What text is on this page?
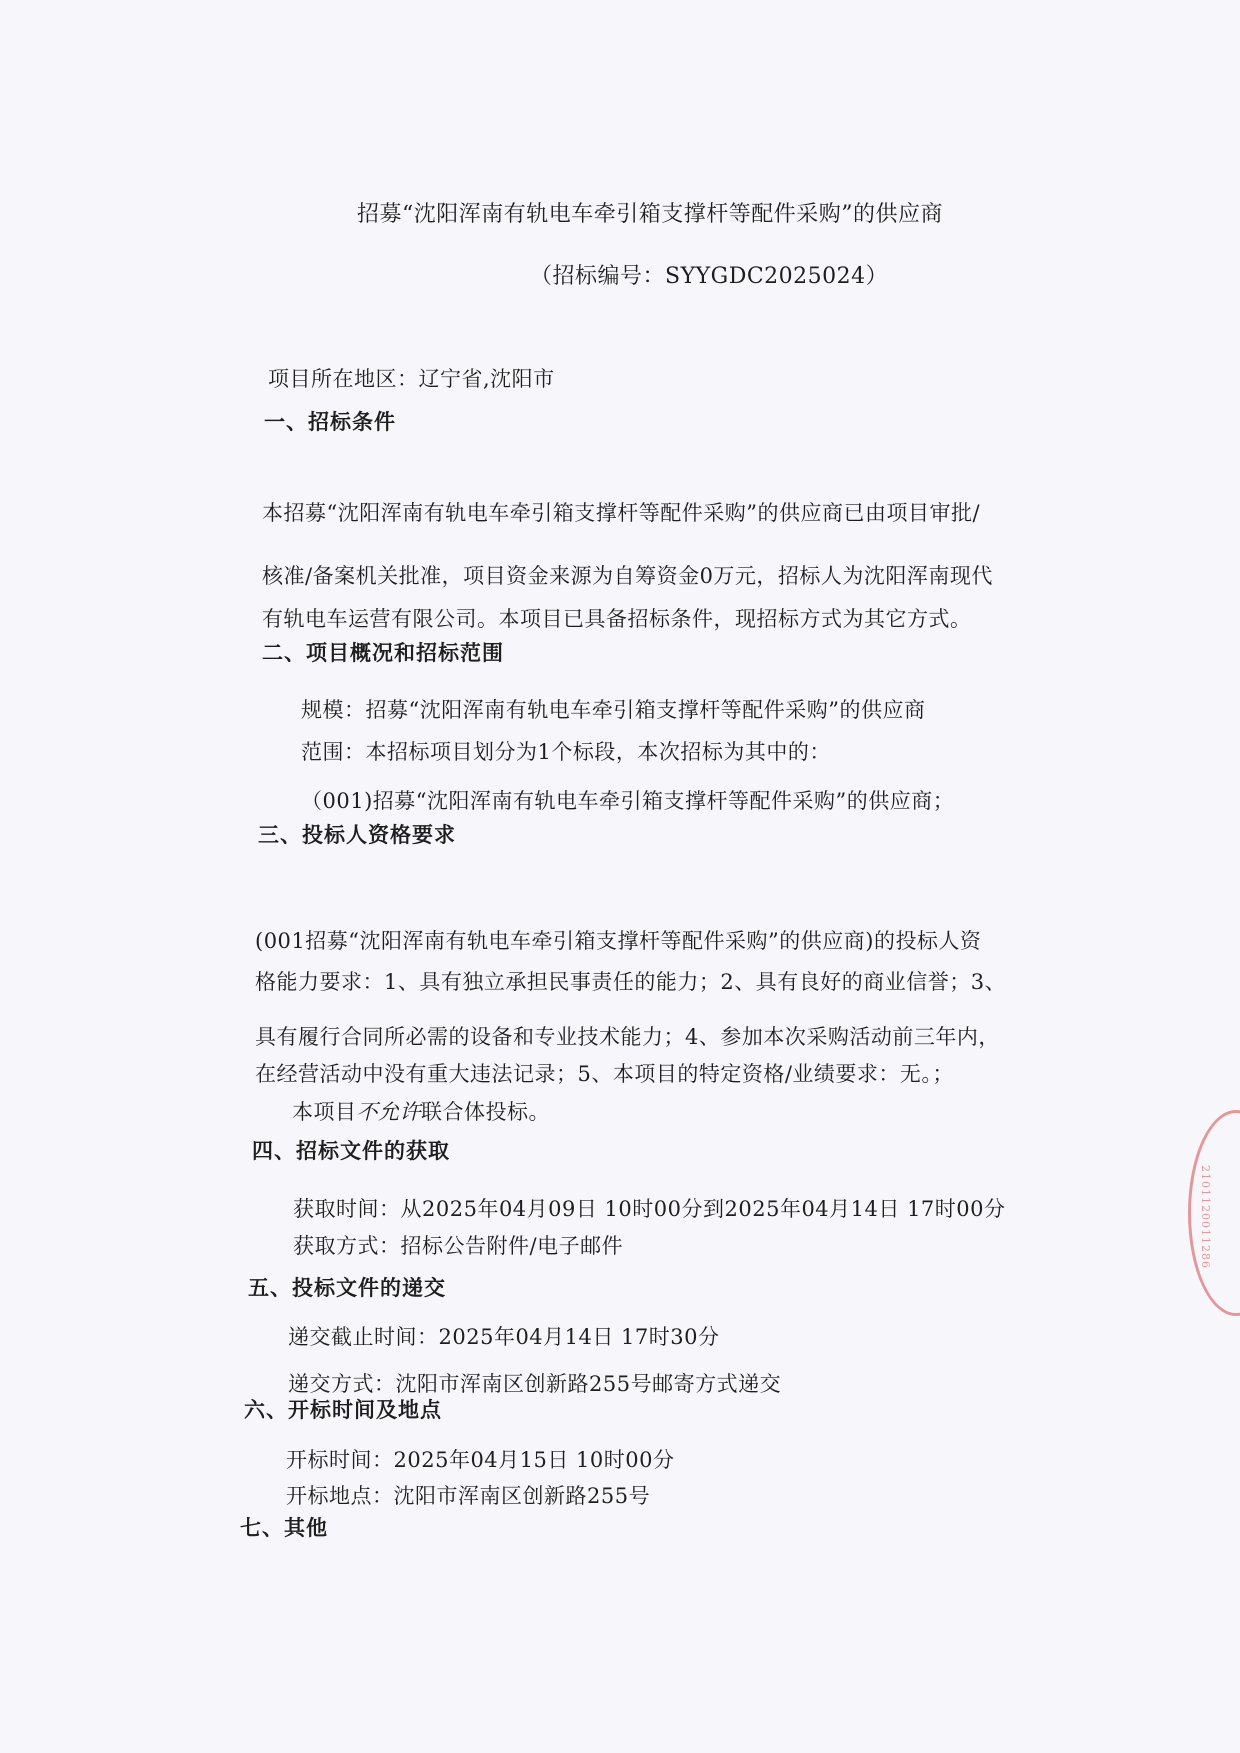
招募“沈阳浑南有轨电车牵引箱支撑杆等配件采购”的供应商
（招标编号：SYYGDC2025024）
项目所在地区：辽宁省,沈阳市
一、招标条件
本招募“沈阳浑南有轨电车牵引箱支撑杆等配件采购”的供应商已由项目审批/
核准/备案机关批准，项目资金来源为自筹资金0万元，招标人为沈阳浑南现代
有轨电车运营有限公司。本项目已具备招标条件，现招标方式为其它方式。
二、项目概况和招标范围
规模：招募“沈阳浑南有轨电车牵引箱支撑杆等配件采购”的供应商
范围：本招标项目划分为1个标段，本次招标为其中的：
（001)招募“沈阳浑南有轨电车牵引箱支撑杆等配件采购”的供应商；
三、投标人资格要求
(001招募“沈阳浑南有轨电车牵引箱支撑杆等配件采购”的供应商)的投标人资
格能力要求：1、具有独立承担民事责任的能力；2、具有良好的商业信誉；3、
具有履行合同所必需的设备和专业技术能力；4、参加本次采购活动前三年内，
在经营活动中没有重大违法记录；5、本项目的特定资格/业绩要求：无。；
本项目不允许联合体投标。
四、招标文件的获取
获取时间：从2025年04月09日 10时00分到2025年04月14日 17时00分
获取方式：招标公告附件/电子邮件
五、投标文件的递交
递交截止时间：2025年04月14日 17时30分
递交方式：沈阳市浑南区创新路255号邮寄方式递交
六、开标时间及地点
开标时间：2025年04月15日 10时00分
开标地点：沈阳市浑南区创新路255号
七、其他
2101120011286
